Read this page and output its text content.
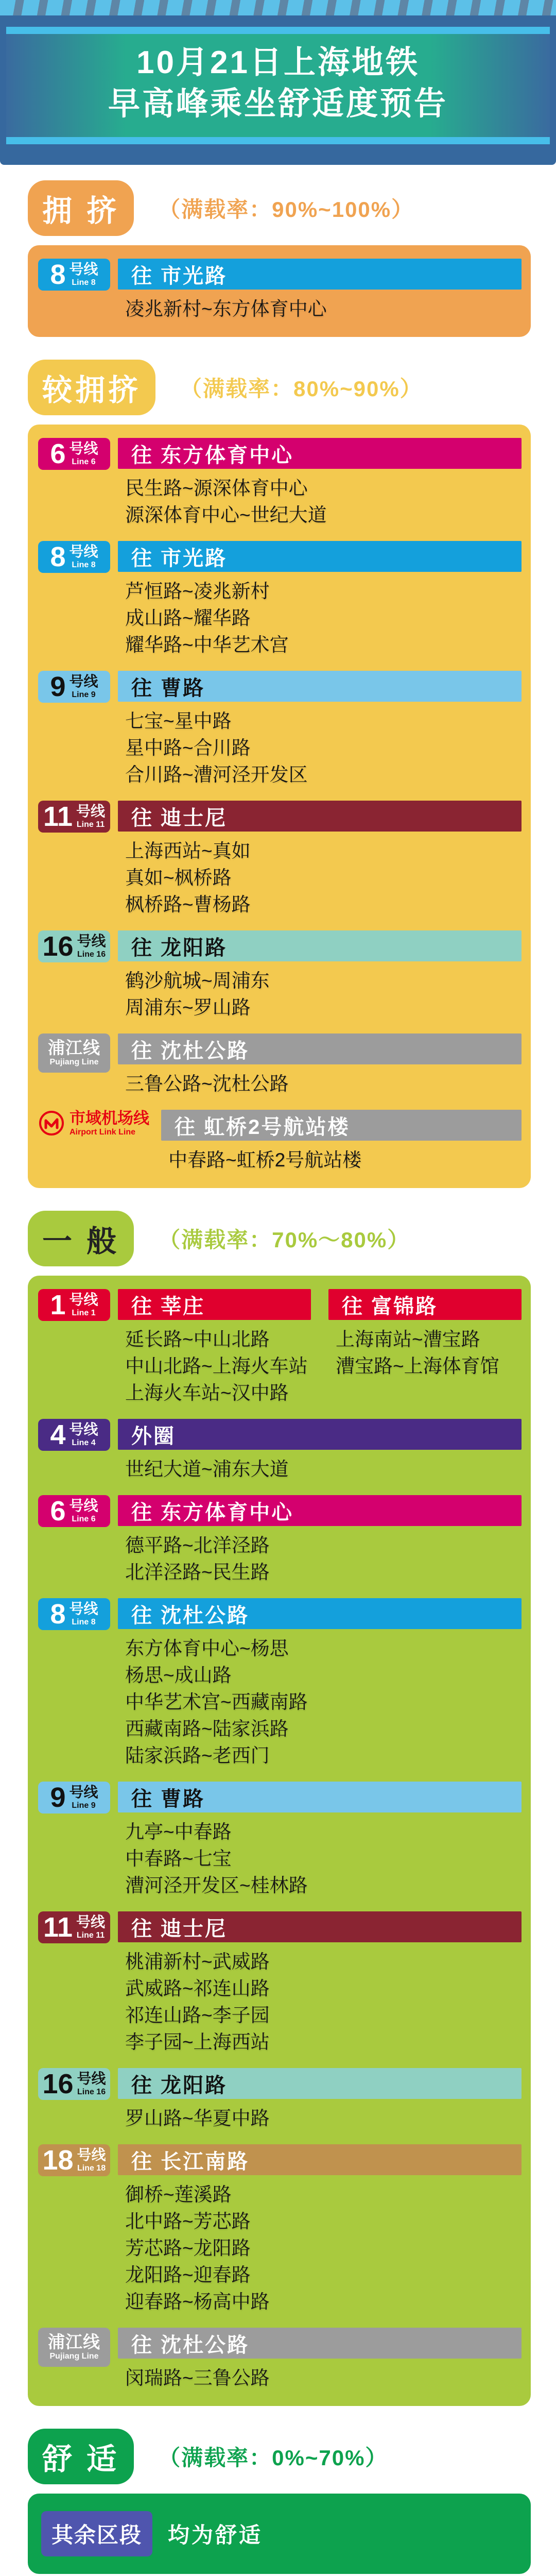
10月21日上海地铁
早高峰乘坐舒适度预告
拥 挤	（满载率：90%~100%）
8 号线
Line 8	往 市光路
凌兆新村~东方体育中心
较拥挤	（满载率：80%~90%）
6 号线
Line 6	往 东方体育中心
民生路~源深体育中心
源深体育中心~世纪大道
8 号线
Line 8	往 市光路
芦恒路~凌兆新村
成山路~耀华路
耀华路~中华艺术宫
9 号线
Line 9	往 曹路
七宝~星中路
星中路~合川路
合川路~漕河泾开发区
11 号线
Line 11	往 迪士尼
上海西站~真如
真如~枫桥路
枫桥路~曹杨路
16 号线
Line 16	往 龙阳路
鹤沙航城~周浦东
周浦东~罗山路
浦江线
Pujiang Line	往 沈杜公路
三鲁公路~沈杜公路
市域机场线
Airport Link Line	往 虹桥2号航站楼
中春路~虹桥2号航站楼
一 般	（满载率：70%～80%）
1 号线
Line 1	往 莘庄
延长路~中山北路
中山北路~上海火车站
上海火车站~汉中路
往 富锦路
上海南站~漕宝路
漕宝路~上海体育馆
4 号线
Line 4	外圈
世纪大道~浦东大道
6 号线
Line 6	往 东方体育中心
德平路~北洋泾路
北洋泾路~民生路
8 号线
Line 8	往 沈杜公路
东方体育中心~杨思
杨思~成山路
中华艺术宫~西藏南路
西藏南路~陆家浜路
陆家浜路~老西门
9 号线
Line 9	往 曹路
九亭~中春路
中春路~七宝
漕河泾开发区~桂林路
11 号线
Line 11	往 迪士尼
桃浦新村~武威路
武威路~祁连山路
祁连山路~李子园
李子园~上海西站
16 号线
Line 16	往 龙阳路
罗山路~华夏中路
18 号线
Line 18	往 长江南路
御桥~莲溪路
北中路~芳芯路
芳芯路~龙阳路
龙阳路~迎春路
迎春路~杨高中路
浦江线
Pujiang Line	往 沈杜公路
闵瑞路~三鲁公路
舒 适	（满载率：0%~70%）
其余区段	均为舒适
